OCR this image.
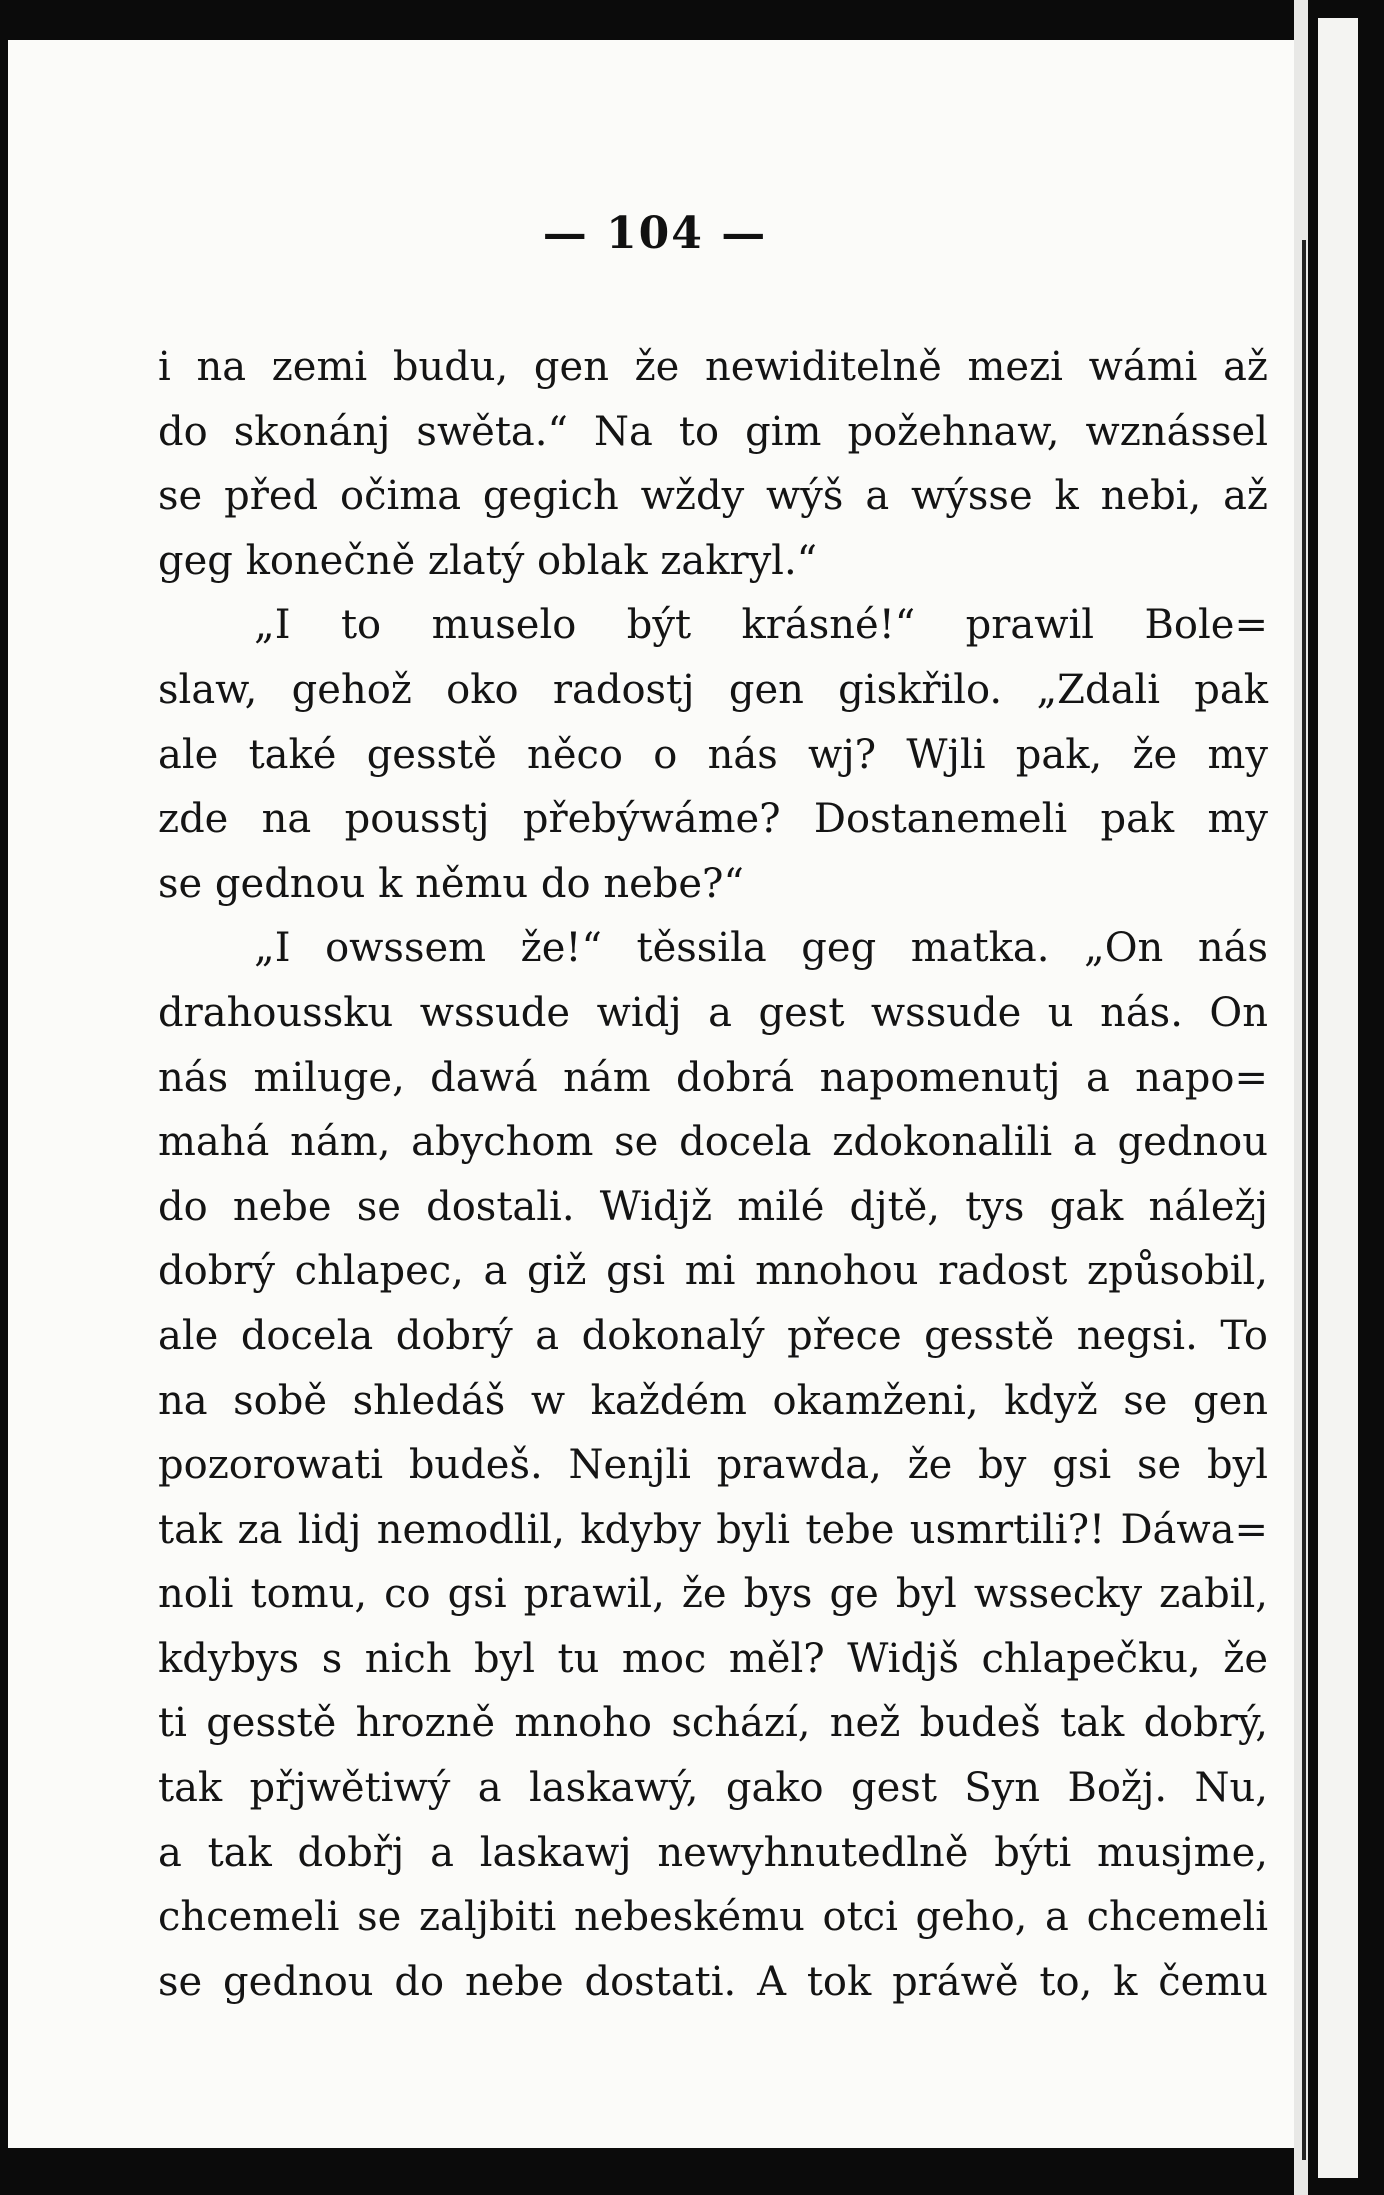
— 104 —
i na zemi budu, gen že newiditelně mezi wámi až
do skonánj swěta.“ Na to gim požehnaw, wznássel
se před očima gegich wždy wýš a wýsse k nebi, až
geg konečně zlatý oblak zakryl.“
„I to muselo být krásné!“ prawil Bole=
slaw, gehož oko radostj gen giskřilo. „Zdali pak
ale také gesstě něco o nás wj? Wjli pak, že my
zde na pousstj přebýwáme? Dostanemeli pak my
se gednou k němu do nebe?“
„I owssem že!“ těssila geg matka. „On nás
drahoussku wssude widj a gest wssude u nás. On
nás miluge, dawá nám dobrá napomenutj a napo=
mahá nám, abychom se docela zdokonalili a gednou
do nebe se dostali. Widjž milé djtě, tys gak náležj
dobrý chlapec, a giž gsi mi mnohou radost způsobil,
ale docela dobrý a dokonalý přece gesstě negsi. To
na sobě shledáš w každém okamženi, když se gen
pozorowati budeš. Nenjli prawda, že by gsi se byl
tak za lidj nemodlil, kdyby byli tebe usmrtili?! Dáwa=
noli tomu, co gsi prawil, že bys ge byl wssecky zabil,
kdybys s nich byl tu moc měl? Widjš chlapečku, že
ti gesstě hrozně mnoho schází, než budeš tak dobrý,
tak přjwětiwý a laskawý, gako gest Syn Božj. Nu,
a tak dobřj a laskawj newyhnutedlně býti musjme,
chcemeli se zaljbiti nebeskému otci geho, a chcemeli
se gednou do nebe dostati. A tok práwě to, k čemu
